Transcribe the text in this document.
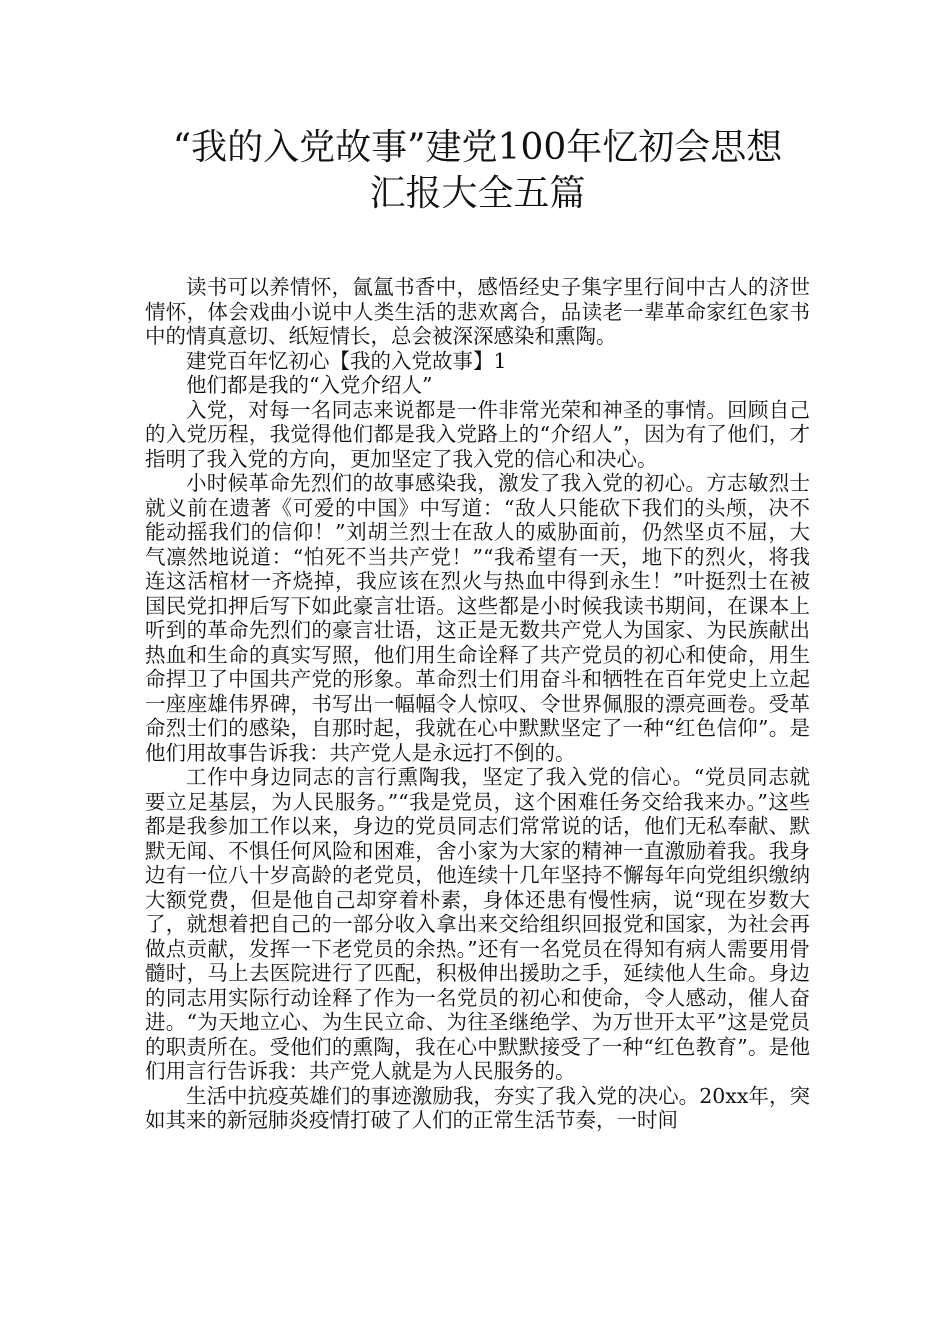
“我的入党故事”建党100年忆初会思想
汇报大全五篇

读书可以养情怀，氤氲书香中，感悟经史子集字里行间中古人的济世情怀，体会戏曲小说中人类生活的悲欢离合，品读老一辈革命家红色家书中的情真意切、纸短情长，总会被深深感染和熏陶。

建党百年忆初心【我的入党故事】1

他们都是我的“入党介绍人”

入党，对每一名同志来说都是一件非常光荣和神圣的事情。回顾自己的入党历程，我觉得他们都是我入党路上的“介绍人”，因为有了他们，才指明了我入党的方向，更加坚定了我入党的信心和决心。

小时候革命先烈们的故事感染我，激发了我入党的初心。方志敏烈士就义前在遗著《可爱的中国》中写道：“敌人只能砍下我们的头颅，决不能动摇我们的信仰！”刘胡兰烈士在敌人的威胁面前，仍然坚贞不屈，大气凛然地说道：“怕死不当共产党！”“我希望有一天，地下的烈火，将我连这活棺材一齐烧掉，我应该在烈火与热血中得到永生！”叶挺烈士在被国民党扣押后写下如此豪言壮语。这些都是小时候我读书期间，在课本上听到的革命先烈们的豪言壮语，这正是无数共产党人为国家、为民族献出热血和生命的真实写照，他们用生命诠释了共产党员的初心和使命，用生命捍卫了中国共产党的形象。革命烈士们用奋斗和牺牲在百年党史上立起一座座雄伟界碑，书写出一幅幅令人惊叹、令世界佩服的漂亮画卷。受革命烈士们的感染，自那时起，我就在心中默默坚定了一种“红色信仰”。是他们用故事告诉我：共产党人是永远打不倒的。

工作中身边同志的言行熏陶我，坚定了我入党的信心。“党员同志就要立足基层，为人民服务。”“我是党员，这个困难任务交给我来办。”这些都是我参加工作以来，身边的党员同志们常常说的话，他们无私奉献、默默无闻、不惧任何风险和困难，舍小家为大家的精神一直激励着我。我身边有一位八十岁高龄的老党员，他连续十几年坚持不懈每年向党组织缴纳大额党费，但是他自己却穿着朴素，身体还患有慢性病，说“现在岁数大了，就想着把自己的一部分收入拿出来交给组织回报党和国家，为社会再做点贡献，发挥一下老党员的余热。”还有一名党员在得知有病人需要用骨髓时，马上去医院进行了匹配，积极伸出援助之手，延续他人生命。身边的同志用实际行动诠释了作为一名党员的初心和使命，令人感动，催人奋进。“为天地立心、为生民立命、为往圣继绝学、为万世开太平”这是党员的职责所在。受他们的熏陶，我在心中默默接受了一种“红色教育”。是他们用言行告诉我：共产党人就是为人民服务的。

生活中抗疫英雄们的事迹激励我，夯实了我入党的决心。20xx年，突如其来的新冠肺炎疫情打破了人们的正常生活节奏，一时间
